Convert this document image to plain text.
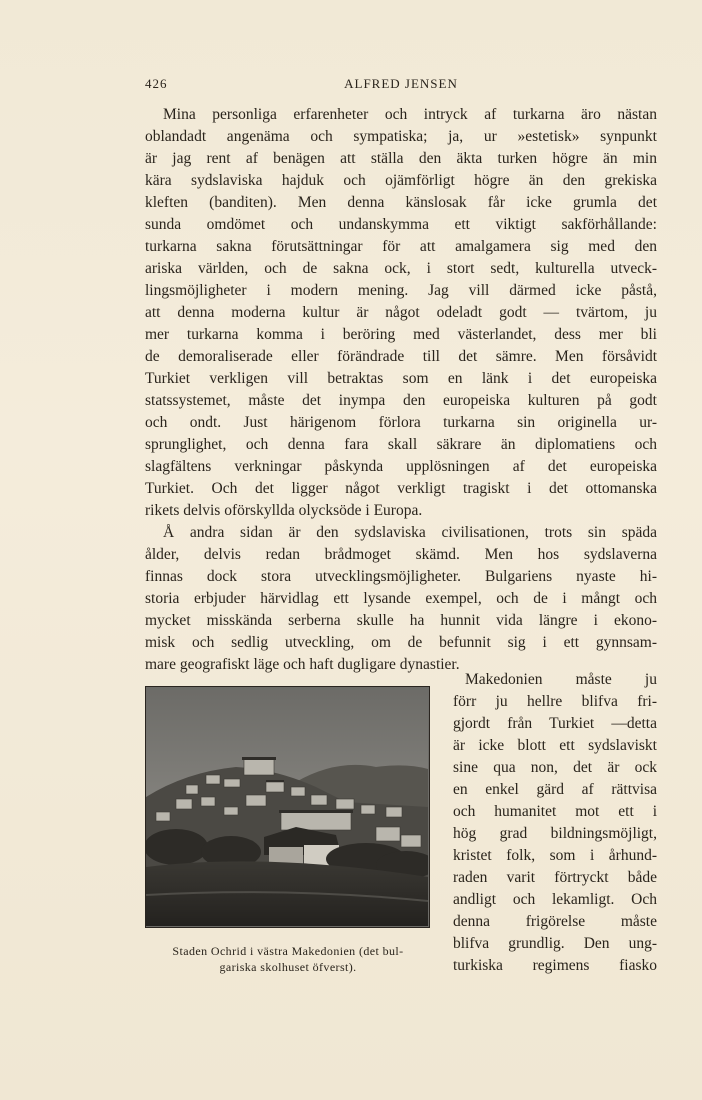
426	ALFRED JENSEN
Mina personliga erfarenheter och intryck af turkarna äro nästan
oblandadt angenäma och sympatiska; ja, ur »estetisk» synpunkt
är jag rent af benägen att ställa den äkta turken högre än min
kära sydslaviska hajduk och ojämförligt högre än den grekiska
kleften (banditen). Men denna känslosak får icke grumla det
sunda omdömet och undanskymma ett viktigt sakförhållande:
turkarna sakna förutsättningar för att amalgamera sig med den
ariska världen, och de sakna ock, i stort sedt, kulturella utveck-
lingsmöjligheter i modern mening. Jag vill därmed icke påstå,
att denna moderna kultur är något odeladt godt — tvärtom, ju
mer turkarna komma i beröring med västerlandet, dess mer bli
de demoraliserade eller förändrade till det sämre. Men försåvidt
Turkiet verkligen vill betraktas som en länk i det europeiska
statssystemet, måste det inympa den europeiska kulturen på godt
och ondt. Just härigenom förlora turkarna sin originella ur-
sprunglighet, och denna fara skall säkrare än diplomatiens och
slagfältens verkningar påskynda upplösningen af det europeiska
Turkiet. Och det ligger något verkligt tragiskt i det ottomanska
rikets delvis oförskyllda olycksöde i Europa.
Å andra sidan är den sydslaviska civilisationen, trots sin späda
ålder, delvis redan brådmoget skämd. Men hos sydslaverna
finnas dock stora utvecklingsmöjligheter. Bulgariens nyaste hi-
storia erbjuder härvidlag ett lysande exempel, och de i mångt och
mycket misskända serberna skulle ha hunnit vida längre i ekono-
misk och sedlig utveckling, om de befunnit sig i ett gynnsam-
mare geografiskt läge och haft dugligare dynastier.
Makedonien måste ju
förr ju hellre blifva fri-
gjordt från Turkiet —detta
är icke blott ett sydslaviskt
sine qua non, det är ock
en enkel gärd af rättvisa
och humanitet mot ett i
hög grad bildningsmöjligt,
kristet folk, som i århund-
raden varit förtryckt både
andligt och lekamligt. Och
denna frigörelse måste
blifva grundlig. Den ung-
turkiska regimens fiasko
Staden Ochrid i västra Makedonien (det bul-
gariska skolhuset öfverst).
